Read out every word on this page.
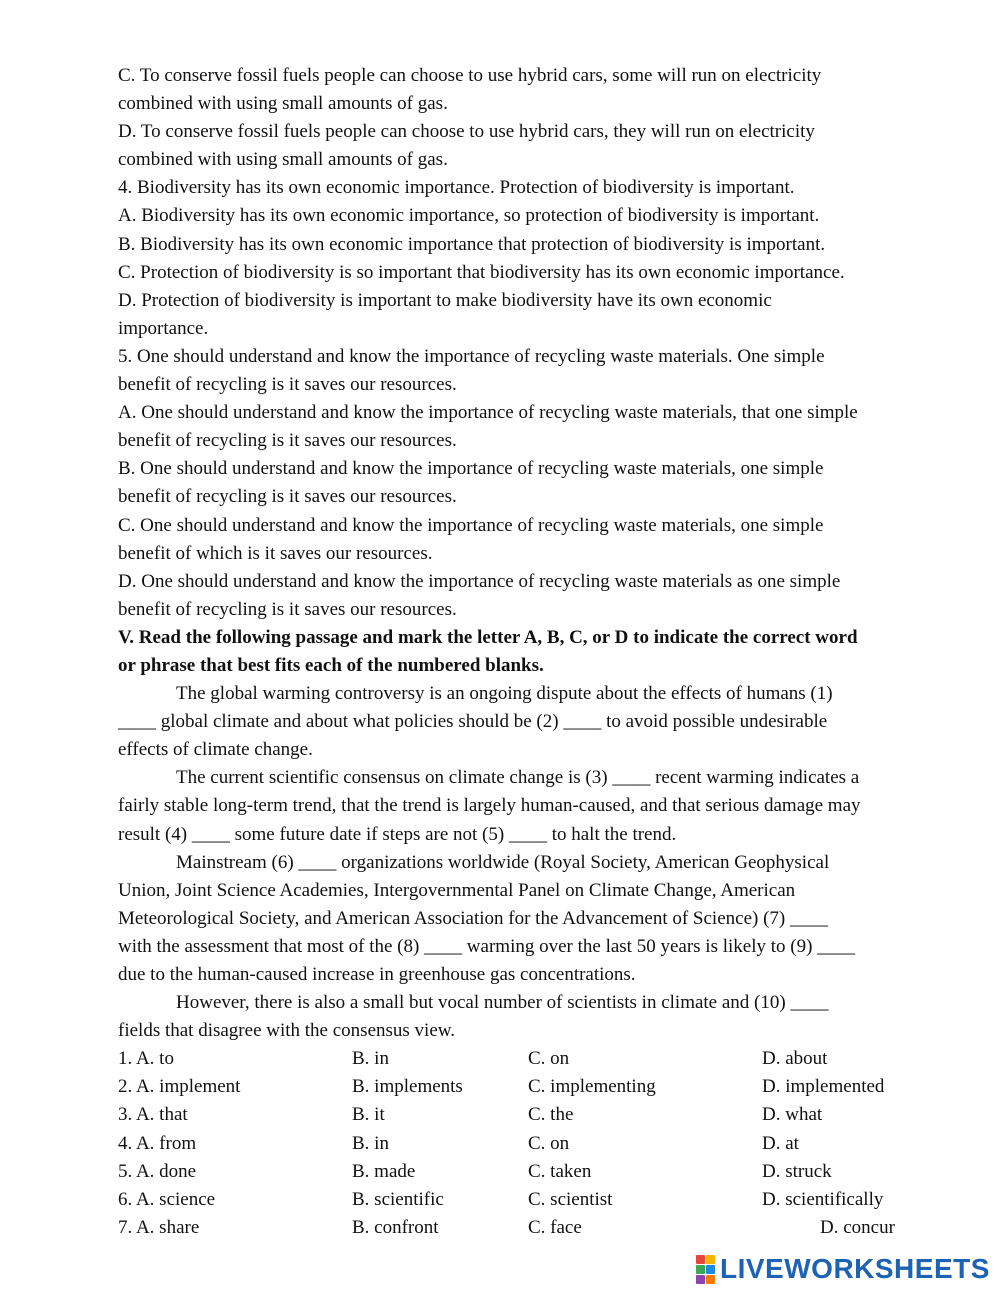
C. To conserve fossil fuels people can choose to use hybrid cars, some will run on electricity
combined with using small amounts of gas.
D. To conserve fossil fuels people can choose to use hybrid cars, they will run on electricity
combined with using small amounts of gas.
4. Biodiversity has its own economic importance. Protection of biodiversity is important.
A. Biodiversity has its own economic importance, so protection of biodiversity is important.
B. Biodiversity has its own economic importance that protection of biodiversity is important.
C. Protection of biodiversity is so important that biodiversity has its own economic importance.
D. Protection of biodiversity is important to make biodiversity have its own economic
importance.
5. One should understand and know the importance of recycling waste materials. One simple
benefit of recycling is it saves our resources.
A. One should understand and know the importance of recycling waste materials, that one simple
benefit of recycling is it saves our resources.
B. One should understand and know the importance of recycling waste materials, one simple
benefit of recycling is it saves our resources.
C. One should understand and know the importance of recycling waste materials, one simple
benefit of which is it saves our resources.
D. One should understand and know the importance of recycling waste materials as one simple
benefit of recycling is it saves our resources.
V. Read the following passage and mark the letter A, B, C, or D to indicate the correct word
or phrase that best fits each of the numbered blanks.
The global warming controversy is an ongoing dispute about the effects of humans (1)
____ global climate and about what policies should be (2) ____ to avoid possible undesirable
effects of climate change.
The current scientific consensus on climate change is (3) ____ recent warming indicates a
fairly stable long-term trend, that the trend is largely human-caused, and that serious damage may
result (4) ____ some future date if steps are not (5) ____ to halt the trend.
Mainstream (6) ____ organizations worldwide (Royal Society, American Geophysical
Union, Joint Science Academies, Intergovernmental Panel on Climate Change, American
Meteorological Society, and American Association for the Advancement of Science) (7) ____
with the assessment that most of the (8) ____ warming over the last 50 years is likely to (9) ____
due to the human-caused increase in greenhouse gas concentrations.
However, there is also a small but vocal number of scientists in climate and (10) ____
fields that disagree with the consensus view.
1. A. to	B. in	C. on	D. about
2. A. implement	B. implements	C. implementing	D. implemented
3. A. that	B. it	C. the	D. what
4. A. from	B. in	C. on	D. at
5. A. done	B. made	C. taken	D. struck
6. A. science	B. scientific	C. scientist	D. scientifically
7. A. share	B. confront	C. face	D. concur
LIVEWORKSHEETS
